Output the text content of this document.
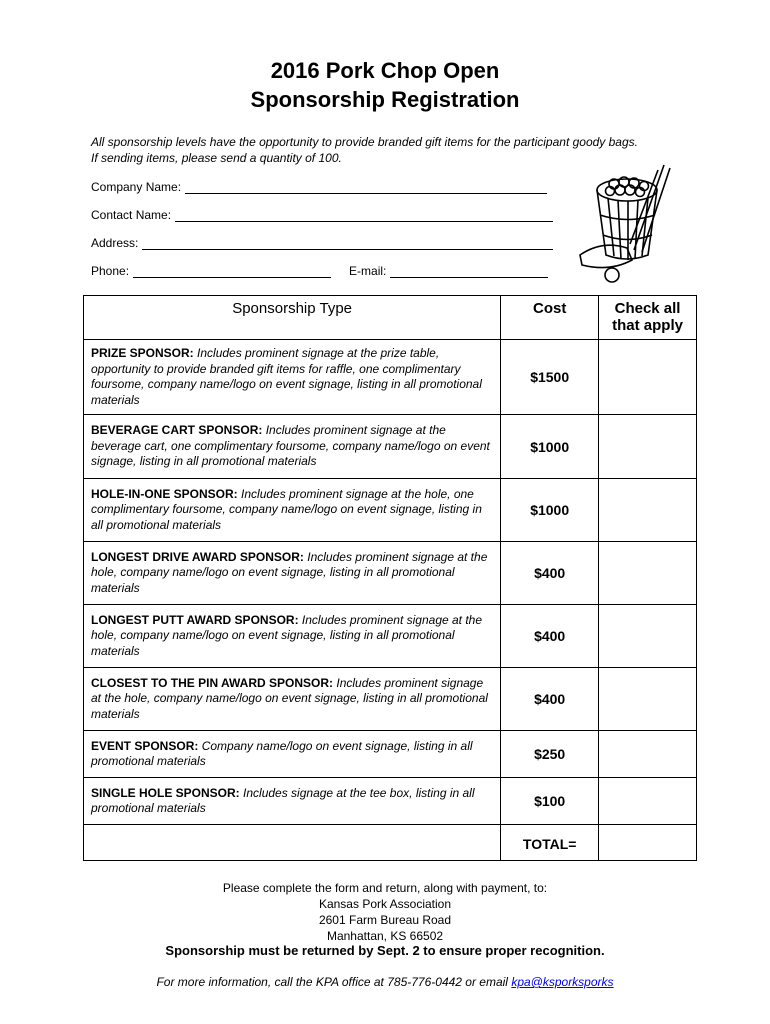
2016 Pork Chop Open
Sponsorship Registration
All sponsorship levels have the opportunity to provide branded gift items for the participant goody bags.
If sending items, please send a quantity of 100.
Company Name:
Contact Name:
Address:
Phone:	E-mail:
Sponsorship Type	Cost	Check all that apply
PRIZE SPONSOR: Includes prominent signage at the prize table, opportunity to provide branded gift items for raffle, one complimentary foursome, company name/logo on event signage, listing in all promotional materials	$1500	
BEVERAGE CART SPONSOR: Includes prominent signage at the beverage cart, one complimentary foursome, company name/logo on event signage, listing in all promotional materials	$1000	
HOLE-IN-ONE SPONSOR: Includes prominent signage at the hole, one complimentary foursome, company name/logo on event signage, listing in all promotional materials	$1000	
LONGEST DRIVE AWARD SPONSOR: Includes prominent signage at the hole, company name/logo on event signage, listing in all promotional materials	$400	
LONGEST PUTT AWARD SPONSOR: Includes prominent signage at the hole, company name/logo on event signage, listing in all promotional materials	$400	
CLOSEST TO THE PIN AWARD SPONSOR: Includes prominent signage at the hole, company name/logo on event signage, listing in all promotional materials	$400	
EVENT SPONSOR: Company name/logo on event signage, listing in all promotional materials	$250	
SINGLE HOLE SPONSOR: Includes signage at the tee box, listing in all promotional materials	$100	
	TOTAL=	
Please complete the form and return, along with payment, to:
Kansas Pork Association
2601 Farm Bureau Road
Manhattan, KS 66502
Sponsorship must be returned by Sept. 2 to ensure proper recognition.
For more information, call the KPA office at 785-776-0442 or email kpa@ksporksporks
